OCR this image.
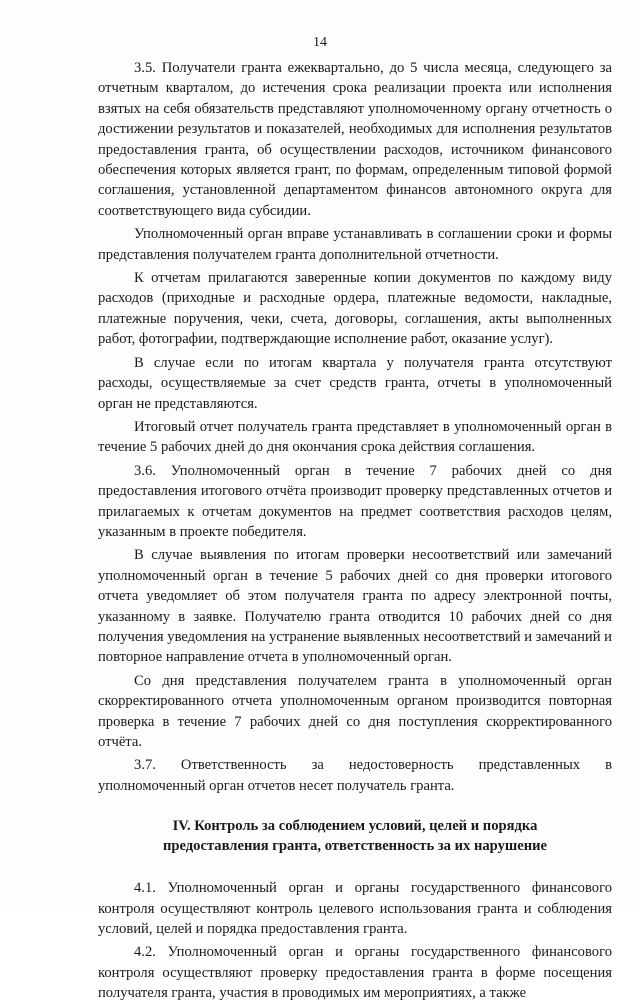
14

3.5. Получатели гранта ежеквартально, до 5 числа месяца, следующего за отчетным кварталом, до истечения срока реализации проекта или исполнения взятых на себя обязательств представляют уполномоченному органу отчетность о достижении результатов и показателей, необходимых для исполнения результатов предоставления гранта, об осуществлении расходов, источником финансового обеспечения которых является грант, по формам, определенным типовой формой соглашения, установленной департаментом финансов автономного округа для соответствующего вида субсидии.

Уполномоченный орган вправе устанавливать в соглашении сроки и формы представления получателем гранта дополнительной отчетности.

К отчетам прилагаются заверенные копии документов по каждому виду расходов (приходные и расходные ордера, платежные ведомости, накладные, платежные поручения, чеки, счета, договоры, соглашения, акты выполненных работ, фотографии, подтверждающие исполнение работ, оказание услуг).

В случае если по итогам квартала у получателя гранта отсутствуют расходы, осуществляемые за счет средств гранта, отчеты в уполномоченный орган не представляются.

Итоговый отчет получатель гранта представляет в уполномоченный орган в течение 5 рабочих дней до дня окончания срока действия соглашения.

3.6. Уполномоченный орган в течение 7 рабочих дней со дня предоставления итогового отчёта производит проверку представленных отчетов и прилагаемых к отчетам документов на предмет соответствия расходов целям, указанным в проекте победителя.

В случае выявления по итогам проверки несоответствий или замечаний уполномоченный орган в течение 5 рабочих дней со дня проверки итогового отчета уведомляет об этом получателя гранта по адресу электронной почты, указанному в заявке. Получателю гранта отводится 10 рабочих дней со дня получения уведомления на устранение выявленных несоответствий и замечаний и повторное направление отчета в уполномоченный орган.

Со дня представления получателем гранта в уполномоченный орган скорректированного отчета уполномоченным органом производится повторная проверка в течение 7 рабочих дней со дня поступления скорректированного отчёта.

3.7. Ответственность за недостоверность представленных в уполномоченный орган отчетов несет получатель гранта.

IV. Контроль за соблюдением условий, целей и порядка
предоставления гранта, ответственность за их нарушение

4.1. Уполномоченный орган и органы государственного финансового контроля осуществляют контроль целевого использования гранта и соблюдения условий, целей и порядка предоставления гранта.

4.2. Уполномоченный орган и органы государственного финансового контроля осуществляют проверку предоставления гранта в форме посещения получателя гранта, участия в проводимых им мероприятиях, а также
